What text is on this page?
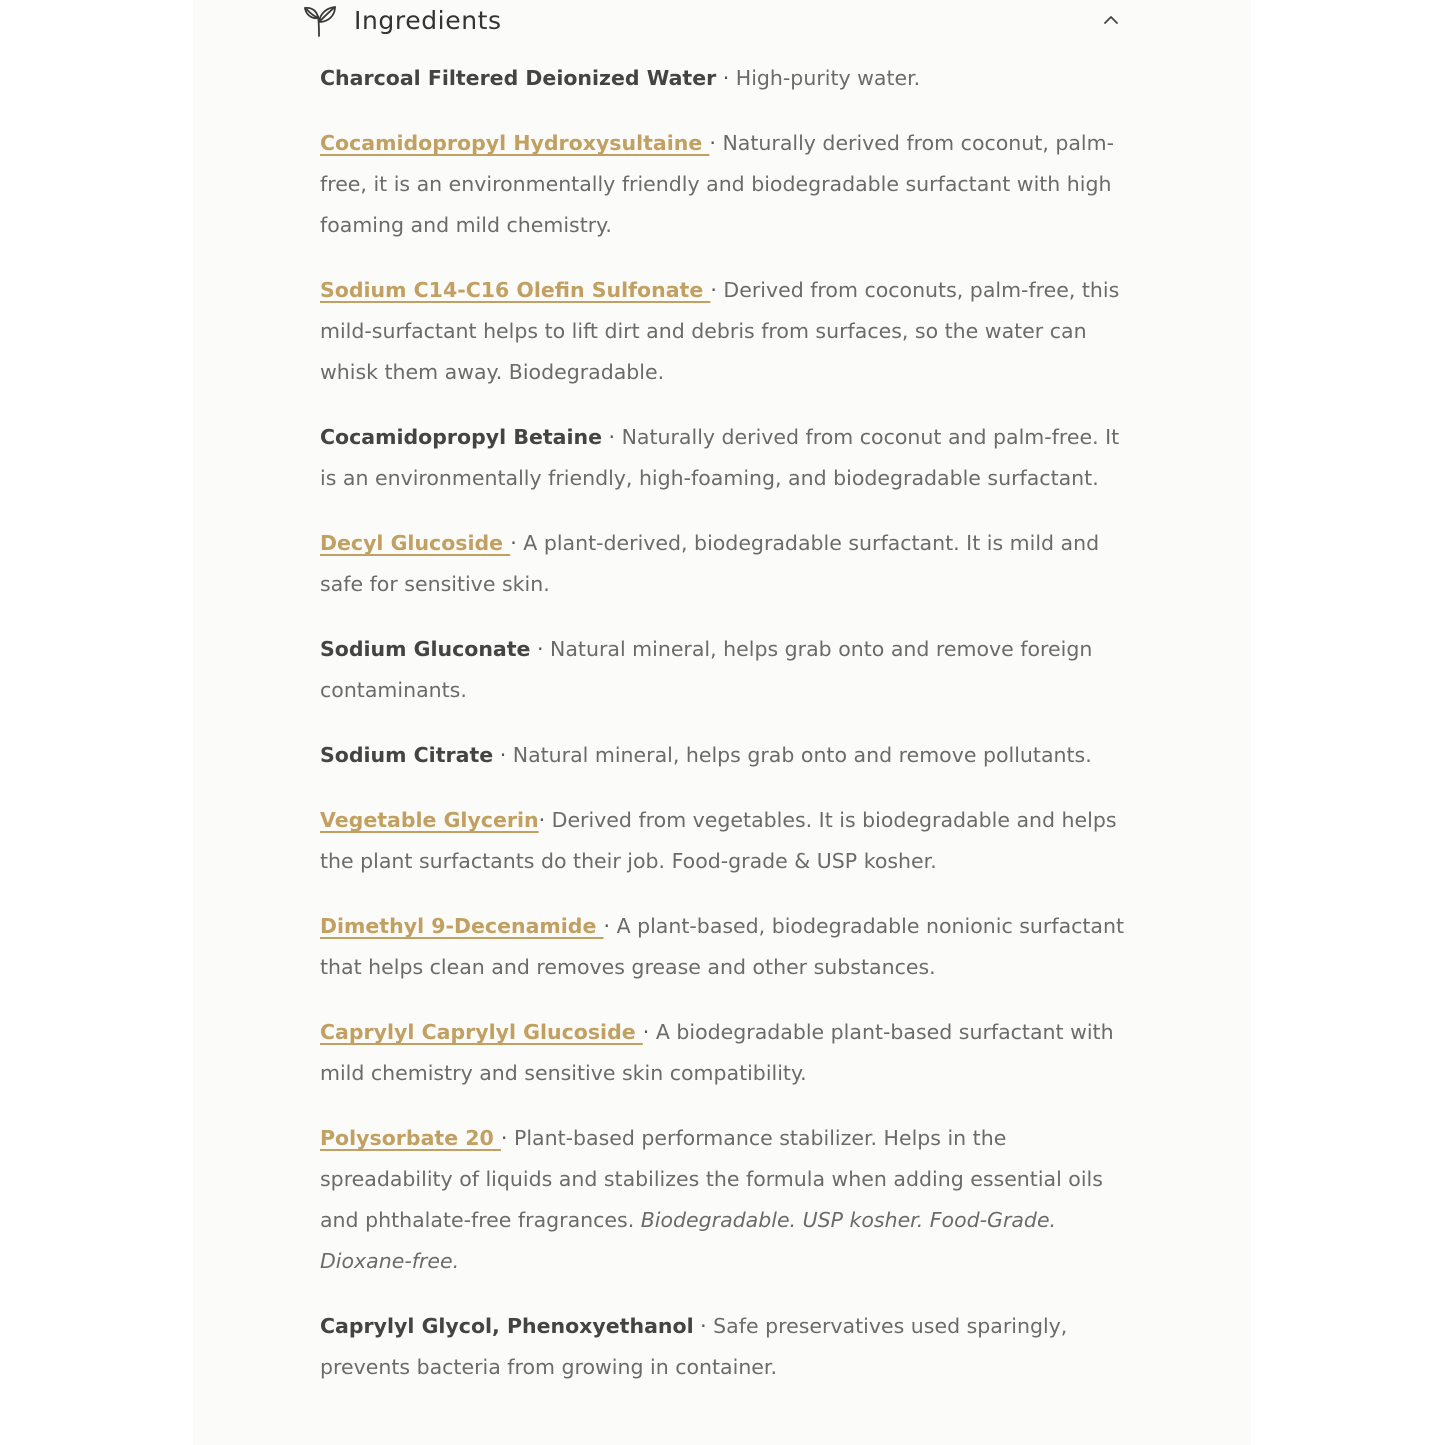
Ingredients

Charcoal Filtered Deionized Water · High-purity water.

Cocamidopropyl Hydroxysultaine · Naturally derived from coconut, palm-free, it is an environmentally friendly and biodegradable surfactant with high foaming and mild chemistry.

Sodium C14-C16 Olefin Sulfonate · Derived from coconuts, palm-free, this mild-surfactant helps to lift dirt and debris from surfaces, so the water can whisk them away. Biodegradable.

Cocamidopropyl Betaine · Naturally derived from coconut and palm-free. It is an environmentally friendly, high-foaming, and biodegradable surfactant.

Decyl Glucoside · A plant-derived, biodegradable surfactant. It is mild and safe for sensitive skin.

Sodium Gluconate · Natural mineral, helps grab onto and remove foreign contaminants.

Sodium Citrate · Natural mineral, helps grab onto and remove pollutants.

Vegetable Glycerin· Derived from vegetables. It is biodegradable and helps the plant surfactants do their job. Food-grade & USP kosher.

Dimethyl 9-Decenamide · A plant-based, biodegradable nonionic surfactant that helps clean and removes grease and other substances.

Caprylyl Caprylyl Glucoside · A biodegradable plant-based surfactant with mild chemistry and sensitive skin compatibility.

Polysorbate 20 · Plant-based performance stabilizer. Helps in the spreadability of liquids and stabilizes the formula when adding essential oils and phthalate-free fragrances. Biodegradable. USP kosher. Food-Grade. Dioxane-free.

Caprylyl Glycol, Phenoxyethanol · Safe preservatives used sparingly, prevents bacteria from growing in container.
